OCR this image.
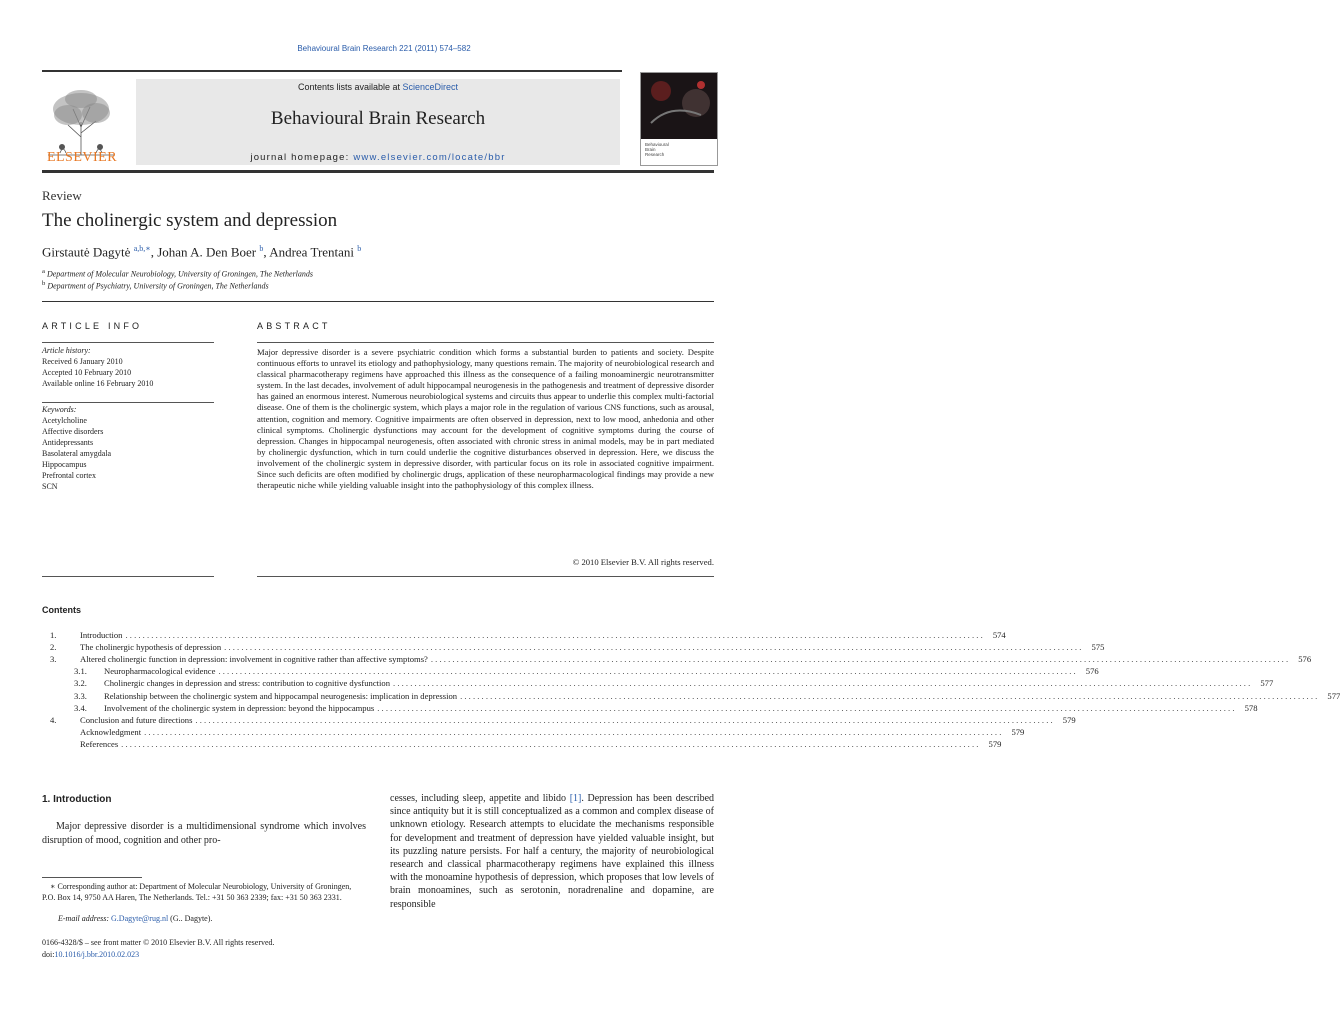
Behavioural Brain Research 221 (2011) 574–582
ELSEVIER
Contents lists available at ScienceDirect
Behavioural Brain Research
journal homepage: www.elsevier.com/locate/bbr
Behavioural
Brain
Research
Review
The cholinergic system and depression
Girstautė Dagytė $^{a,b,∗}$, Johan A. Den Boer $^b$, Andrea Trentani $^b$
$^a$ Department of Molecular Neurobiology, University of Groningen, The Netherlands
$^b$ Department of Psychiatry, University of Groningen, The Netherlands
ARTICLE INFO
Article history:
Received 6 January 2010
Accepted 10 February 2010
Available online 16 February 2010
Keywords:
Acetylcholine
Affective disorders
Antidepressants
Basolateral amygdala
Hippocampus
Prefrontal cortex
SCN
ABSTRACT
Major depressive disorder is a severe psychiatric condition which forms a substantial burden to patients and society. Despite continuous efforts to unravel its etiology and pathophysiology, many questions remain. The majority of neurobiological research and classical pharmacotherapy regimens have approached this illness as the consequence of a failing monoaminergic neurotransmitter system. In the last decades, involvement of adult hippocampal neurogenesis in the pathogenesis and treatment of depressive disorder has gained an enormous interest. Numerous neurobiological systems and circuits thus appear to underlie this complex multi-factorial disease. One of them is the cholinergic system, which plays a major role in the regulation of various CNS functions, such as arousal, attention, cognition and memory. Cognitive impairments are often observed in depression, next to low mood, anhedonia and other clinical symptoms. Cholinergic dysfunctions may account for the development of cognitive symptoms during the course of depression. Changes in hippocampal neurogenesis, often associated with chronic stress in animal models, may be in part mediated by cholinergic dysfunction, which in turn could underlie the cognitive disturbances observed in depression. Here, we discuss the involvement of the cholinergic system in depressive disorder, with particular focus on its role in associated cognitive impairment. Since such deficits are often modified by cholinergic drugs, application of these neuropharmacological findings may provide a new therapeutic niche while yielding valuable insight into the pathophysiology of this complex illness.
© 2010 Elsevier B.V. All rights reserved.
Contents
1.	Introduction . . . . . . . . . . . . . . . . . . . . . . . . . . . . . . . . . . . . . . . . . . . . . . . . . . . . . . . . . . . . . . . . . . . . . . . . . . . . . . . . . . . . . . . . . . . . . . . . . . . . . . . . . . . . . . . . . . . . . . . . . . . . . . . . . . . . . . . . . . . . . . . . . . . . . . . . . . . . . . . . . . . . . . . . . . . . . . . . . . . . . . . . . . . . . . . . . . . . . . . .	574
2.	The cholinergic hypothesis of depression . . . . . . . . . . . . . . . . . . . . . . . . . . . . . . . . . . . . . . . . . . . . . . . . . . . . . . . . . . . . . . . . . . . . . . . . . . . . . . . . . . . . . . . . . . . . . . . . . . . . . . . . . . . . . . . . . . . . . . . . . . . . . . . . . . . . . . . . . . . . . . . . . . . . . . . . . . . . . . . . . . . . . . . . . . . . . . . . . . . . . . . . . . . . . . . . . . . . . . . .	575
3.	Altered cholinergic function in depression: involvement in cognitive rather than affective symptoms? . . . . . . . . . . . . . . . . . . . . . . . . . . . . . . . . . . . . . . . . . . . . . . . . . . . . . . . . . . . . . . . . . . . . . . . . . . . . . . . . . . . . . . . . . . . . . . . . . . . . . . . . . . . . . . . . . . . . . . . . . . . . . . . . . . . . . . . . . . . . . . . . . . . . . . . . . . . . . . . . . . . . . . . . . . . . . . . . . . . . . . . . . . . . . . . . . . . . . . . .	576
3.1.	Neuropharmacological evidence . . . . . . . . . . . . . . . . . . . . . . . . . . . . . . . . . . . . . . . . . . . . . . . . . . . . . . . . . . . . . . . . . . . . . . . . . . . . . . . . . . . . . . . . . . . . . . . . . . . . . . . . . . . . . . . . . . . . . . . . . . . . . . . . . . . . . . . . . . . . . . . . . . . . . . . . . . . . . . . . . . . . . . . . . . . . . . . . . . . . . . . . . . . . . . . . . . . . . . . .	576
3.2.	Cholinergic changes in depression and stress: contribution to cognitive dysfunction . . . . . . . . . . . . . . . . . . . . . . . . . . . . . . . . . . . . . . . . . . . . . . . . . . . . . . . . . . . . . . . . . . . . . . . . . . . . . . . . . . . . . . . . . . . . . . . . . . . . . . . . . . . . . . . . . . . . . . . . . . . . . . . . . . . . . . . . . . . . . . . . . . . . . . . . . . . . . . . . . . . . . . . . . . . . . . . . . . . . . . . . . . . . . . . . . . . . . . . .	577
3.3.	Relationship between the cholinergic system and hippocampal neurogenesis: implication in depression . . . . . . . . . . . . . . . . . . . . . . . . . . . . . . . . . . . . . . . . . . . . . . . . . . . . . . . . . . . . . . . . . . . . . . . . . . . . . . . . . . . . . . . . . . . . . . . . . . . . . . . . . . . . . . . . . . . . . . . . . . . . . . . . . . . . . . . . . . . . . . . . . . . . . . . . . . . . . . . . . . . . . . . . . . . . . . . . . . . . . . . . . . . . . . . . . . . . . . . .	577
3.4.	Involvement of the cholinergic system in depression: beyond the hippocampus . . . . . . . . . . . . . . . . . . . . . . . . . . . . . . . . . . . . . . . . . . . . . . . . . . . . . . . . . . . . . . . . . . . . . . . . . . . . . . . . . . . . . . . . . . . . . . . . . . . . . . . . . . . . . . . . . . . . . . . . . . . . . . . . . . . . . . . . . . . . . . . . . . . . . . . . . . . . . . . . . . . . . . . . . . . . . . . . . . . . . . . . . . . . . . . . . . . . . . . .	578
4.	Conclusion and future directions . . . . . . . . . . . . . . . . . . . . . . . . . . . . . . . . . . . . . . . . . . . . . . . . . . . . . . . . . . . . . . . . . . . . . . . . . . . . . . . . . . . . . . . . . . . . . . . . . . . . . . . . . . . . . . . . . . . . . . . . . . . . . . . . . . . . . . . . . . . . . . . . . . . . . . . . . . . . . . . . . . . . . . . . . . . . . . . . . . . . . . . . . . . . . . . . . . . . . . . .	579
Acknowledgment . . . . . . . . . . . . . . . . . . . . . . . . . . . . . . . . . . . . . . . . . . . . . . . . . . . . . . . . . . . . . . . . . . . . . . . . . . . . . . . . . . . . . . . . . . . . . . . . . . . . . . . . . . . . . . . . . . . . . . . . . . . . . . . . . . . . . . . . . . . . . . . . . . . . . . . . . . . . . . . . . . . . . . . . . . . . . . . . . . . . . . . . . . . . . . . . . . . . . . . .	579
References . . . . . . . . . . . . . . . . . . . . . . . . . . . . . . . . . . . . . . . . . . . . . . . . . . . . . . . . . . . . . . . . . . . . . . . . . . . . . . . . . . . . . . . . . . . . . . . . . . . . . . . . . . . . . . . . . . . . . . . . . . . . . . . . . . . . . . . . . . . . . . . . . . . . . . . . . . . . . . . . . . . . . . . . . . . . . . . . . . . . . . . . . . . . . . . . . . . . . . . .	579
1. Introduction
Major depressive disorder is a multidimensional syndrome which involves disruption of mood, cognition and other pro-
cesses, including sleep, appetite and libido [1]. Depression has been described since antiquity but it is still conceptualized as a common and complex disease of unknown etiology. Research attempts to elucidate the mechanisms responsible for development and treatment of depression have yielded valuable insight, but its puzzling nature persists. For half a century, the majority of neurobiological research and classical pharmacotherapy regimens have explained this illness with the monoamine hypothesis of depression, which proposes that low levels of brain monoamines, such as serotonin, noradrenaline and dopamine, are responsible
∗ Corresponding author at: Department of Molecular Neurobiology, University of Groningen, P.O. Box 14, 9750 AA Haren, The Netherlands. Tel.: +31 50 363 2339; fax: +31 50 363 2331.
E-mail address: G.Dagyte@rug.nl (G.. Dagyte).
0166-4328/$ – see front matter © 2010 Elsevier B.V. All rights reserved.
doi:10.1016/j.bbr.2010.02.023
